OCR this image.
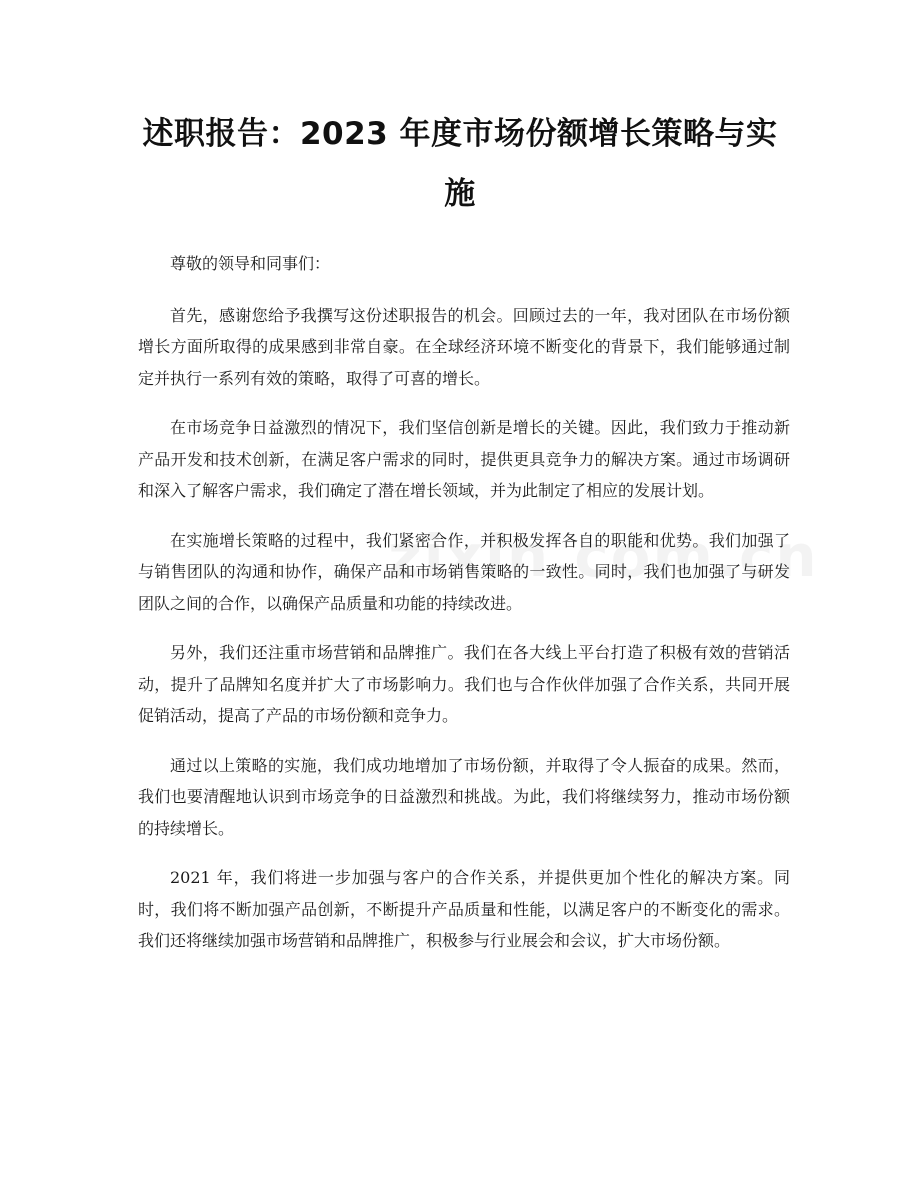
述职报告：2023 年度市场份额增长策略与实
施

尊敬的领导和同事们：

首先，感谢您给予我撰写这份述职报告的机会。回顾过去的一年，我对团队在市场份额增长方面所取得的成果感到非常自豪。在全球经济环境不断变化的背景下，我们能够通过制定并执行一系列有效的策略，取得了可喜的增长。

在市场竞争日益激烈的情况下，我们坚信创新是增长的关键。因此，我们致力于推动新产品开发和技术创新，在满足客户需求的同时，提供更具竞争力的解决方案。通过市场调研和深入了解客户需求，我们确定了潜在增长领域，并为此制定了相应的发展计划。

在实施增长策略的过程中，我们紧密合作，并积极发挥各自的职能和优势。我们加强了与销售团队的沟通和协作，确保产品和市场销售策略的一致性。同时，我们也加强了与研发团队之间的合作，以确保产品质量和功能的持续改进。

另外，我们还注重市场营销和品牌推广。我们在各大线上平台打造了积极有效的营销活动，提升了品牌知名度并扩大了市场影响力。我们也与合作伙伴加强了合作关系，共同开展促销活动，提高了产品的市场份额和竞争力。

通过以上策略的实施，我们成功地增加了市场份额，并取得了令人振奋的成果。然而，我们也要清醒地认识到市场竞争的日益激烈和挑战。为此，我们将继续努力，推动市场份额的持续增长。

2021 年，我们将进一步加强与客户的合作关系，并提供更加个性化的解决方案。同时，我们将不断加强产品创新，不断提升产品质量和性能，以满足客户的不断变化的需求。我们还将继续加强市场营销和品牌推广，积极参与行业展会和会议，扩大市场份额。
